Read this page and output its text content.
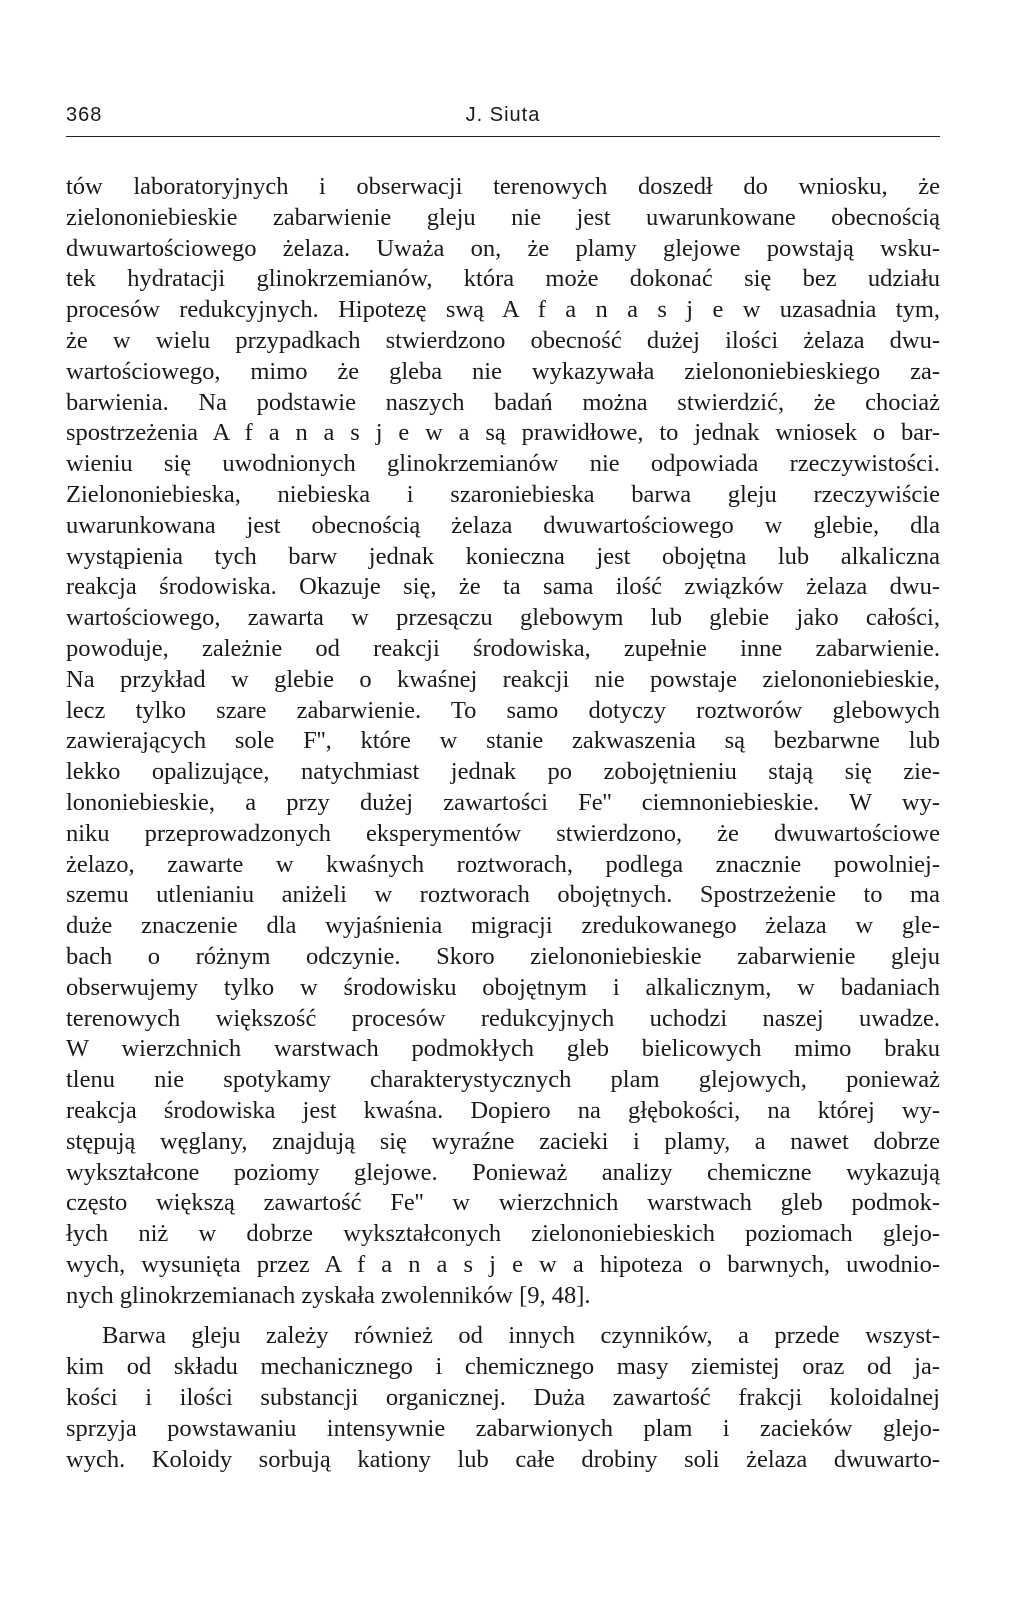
368	J. Siuta
tów laboratoryjnych i obserwacji terenowych doszedł do wniosku, że
zielononiebieskie zabarwienie gleju nie jest uwarunkowane obecnością
dwuwartościowego żelaza. Uważa on, że plamy glejowe powstają wsku-
tek hydratacji glinokrzemianów, która może dokonać się bez udziału
procesów redukcyjnych. Hipotezę swą A f a n a s j e w uzasadnia tym,
że w wielu przypadkach stwierdzono obecność dużej ilości żelaza dwu-
wartościowego, mimo że gleba nie wykazywała zielononiebieskiego za-
barwienia. Na podstawie naszych badań można stwierdzić, że chociaż
spostrzeżenia A f a n a s j e w a są prawidłowe, to jednak wniosek o bar-
wieniu się uwodnionych glinokrzemianów nie odpowiada rzeczywistości.
Zielononiebieska, niebieska i szaroniebieska barwa gleju rzeczywiście
uwarunkowana jest obecnością żelaza dwuwartościowego w glebie, dla
wystąpienia tych barw jednak konieczna jest obojętna lub alkaliczna
reakcja środowiska. Okazuje się, że ta sama ilość związków żelaza dwu-
wartościowego, zawarta w przesączu glebowym lub glebie jako całości,
powoduje, zależnie od reakcji środowiska, zupełnie inne zabarwienie.
Na przykład w glebie o kwaśnej reakcji nie powstaje zielononiebieskie,
lecz tylko szare zabarwienie. To samo dotyczy roztworów glebowych
zawierających sole F'', które w stanie zakwaszenia są bezbarwne lub
lekko opalizujące, natychmiast jednak po zobojętnieniu stają się zie-
lononiebieskie, a przy dużej zawartości Fe'' ciemnoniebieskie. W wy-
niku przeprowadzonych eksperymentów stwierdzono, że dwuwartościowe
żelazo, zawarte w kwaśnych roztworach, podlega znacznie powolniej-
szemu utlenianiu aniżeli w roztworach obojętnych. Spostrzeżenie to ma
duże znaczenie dla wyjaśnienia migracji zredukowanego żelaza w gle-
bach o różnym odczynie. Skoro zielononiebieskie zabarwienie gleju
obserwujemy tylko w środowisku obojętnym i alkalicznym, w badaniach
terenowych większość procesów redukcyjnych uchodzi naszej uwadze.
W wierzchnich warstwach podmokłych gleb bielicowych mimo braku
tlenu nie spotykamy charakterystycznych plam glejowych, ponieważ
reakcja środowiska jest kwaśna. Dopiero na głębokości, na której wy-
stępują węglany, znajdują się wyraźne zacieki i plamy, a nawet dobrze
wykształcone poziomy glejowe. Ponieważ analizy chemiczne wykazują
często większą zawartość Fe'' w wierzchnich warstwach gleb podmok-
łych niż w dobrze wykształconych zielononiebieskich poziomach glejo-
wych, wysunięta przez A f a n a s j e w a hipoteza o barwnych, uwodnio-
nych glinokrzemianach zyskała zwolenników [9, 48].
Barwa gleju zależy również od innych czynników, a przede wszyst-
kim od składu mechanicznego i chemicznego masy ziemistej oraz od ja-
kości i ilości substancji organicznej. Duża zawartość frakcji koloidalnej
sprzyja powstawaniu intensywnie zabarwionych plam i zacieków glejo-
wych. Koloidy sorbują kationy lub całe drobiny soli żelaza dwuwarto-
